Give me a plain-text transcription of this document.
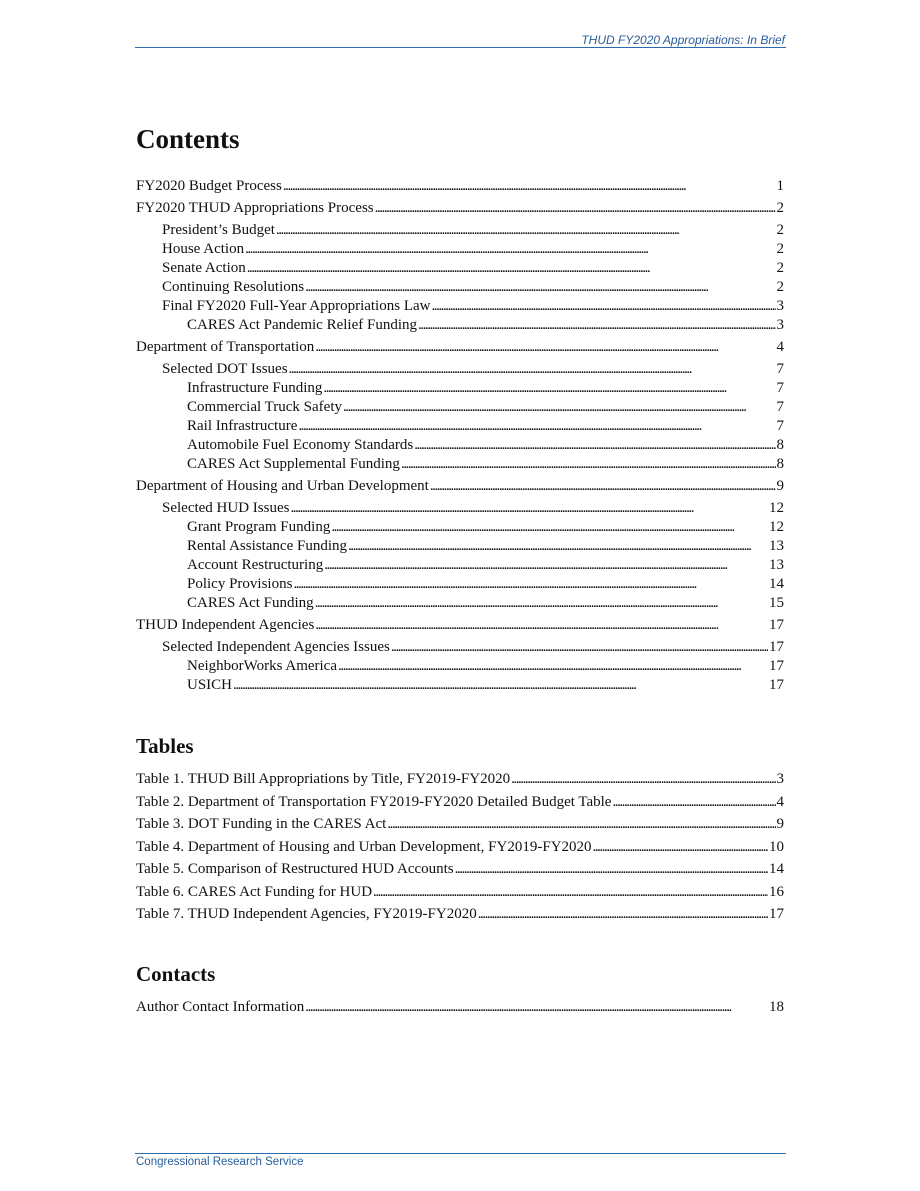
THUD FY2020 Appropriations: In Brief
Contents
FY2020 Budget Process . . .	1
FY2020 THUD Appropriations Process . . .	2
President’s Budget . . .	2
House Action . . .	2
Senate Action . . .	2
Continuing Resolutions . . .	2
Final FY2020 Full-Year Appropriations Law . . .	3
CARES Act Pandemic Relief Funding . . .	3
Department of Transportation . . .	4
Selected DOT Issues . . .	7
Infrastructure Funding . . .	7
Commercial Truck Safety . . .	7
Rail Infrastructure . . .	7
Automobile Fuel Economy Standards . . .	8
CARES Act Supplemental Funding . . .	8
Department of Housing and Urban Development . . .	9
Selected HUD Issues . . .	12
Grant Program Funding . . .	12
Rental Assistance Funding . . .	13
Account Restructuring . . .	13
Policy Provisions . . .	14
CARES Act Funding . . .	15
THUD Independent Agencies . . .	17
Selected Independent Agencies Issues . . .	17
NeighborWorks America . . .	17
USICH . . .	17
Tables
Table 1. THUD Bill Appropriations by Title, FY2019-FY2020 . . .	3
Table 2. Department of Transportation FY2019-FY2020 Detailed Budget Table . . .	4
Table 3. DOT Funding in the CARES Act . . .	9
Table 4. Department of Housing and Urban Development, FY2019-FY2020 . . .	10
Table 5. Comparison of Restructured HUD Accounts . . .	14
Table 6. CARES Act Funding for HUD . . .	16
Table 7. THUD Independent Agencies, FY2019-FY2020 . . .	17
Contacts
Author Contact Information . . .	18
Congressional Research Service
